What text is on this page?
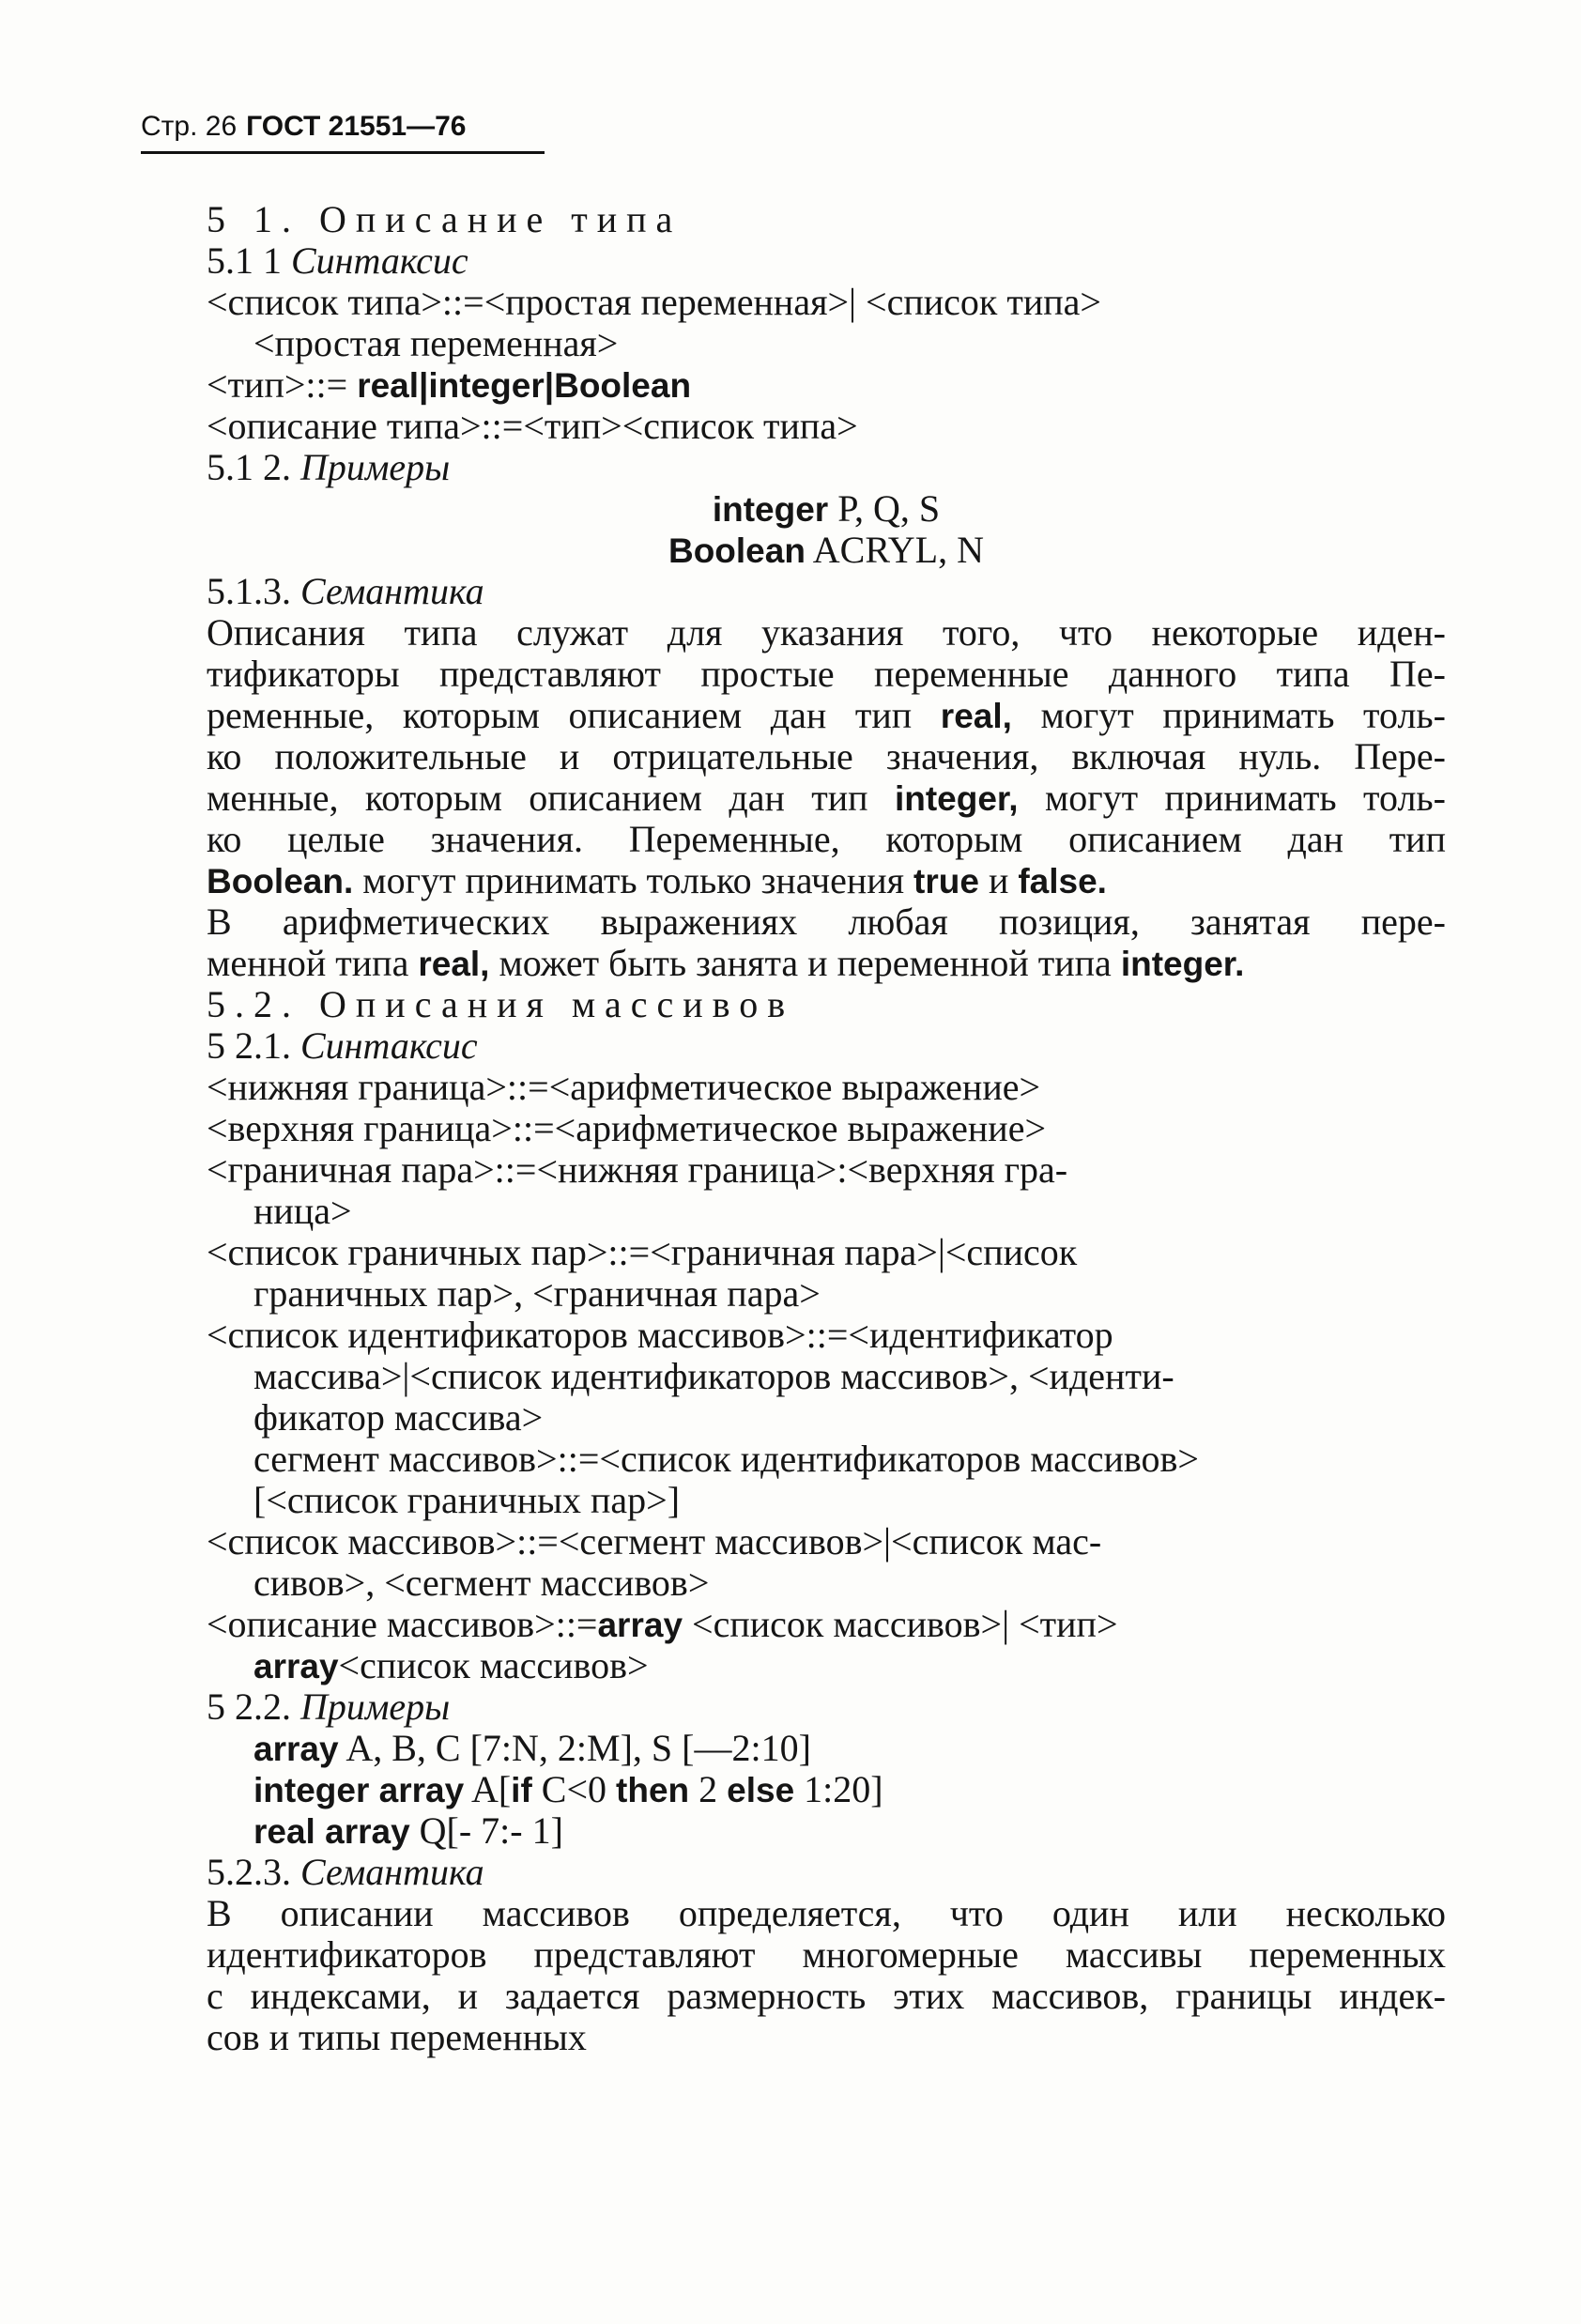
Стр. 26 ГОСТ 21551—76
5 1. Описание типа
5.1 1 Синтаксис
<список типа>::=<простая переменная>| <список типа>
<простая переменная>
<тип>::= real|integer|Boolean
<описание типа>::=<тип><список типа>
5.1 2. Примеры
integer P, Q, S
Boolean ACRYL, N
5.1.3. Семантика
Описания типа служат для указания того, что некоторые иден-
тификаторы представляют простые переменные данного типа Пе-
ременные, которым описанием дан тип real, могут принимать толь-
ко положительные и отрицательные значения, включая нуль. Пере-
менные, которым описанием дан тип integer, могут принимать толь-
ко целые значения. Переменные, которым описанием дан тип
Boolean. могут принимать только значения true и false.
В арифметических выражениях любая позиция, занятая пере-
менной типа real, может быть занята и переменной типа integer.
5.2. Описания массивов
5 2.1. Синтаксис
<нижняя граница>::=<арифметическое выражение>
<верхняя граница>::=<арифметическое выражение>
<граничная пара>::=<нижняя граница>:<верхняя гра-
ница>
<список граничных пар>::=<граничная пара>|<список
граничных пар>, <граничная пара>
<список идентификаторов массивов>::=<идентификатор
массива>|<список идентификаторов массивов>, <иденти-
фикатор массива>
сегмент массивов>::=<список идентификаторов массивов>
[<список граничных пар>]
<список массивов>::=<сегмент массивов>|<список мас-
сивов>, <сегмент массивов>
<описание массивов>::=array <список массивов>| <тип>
array<список массивов>
5 2.2. Примеры
array A, B, C [7:N, 2:M], S [—2:10]
integer array A[if C<0 then 2 else 1:20]
real array Q[- 7:- 1]
5.2.3. Семантика
В описании массивов определяется, что один или несколько
идентификаторов представляют многомерные массивы переменных
с индексами, и задается размерность этих массивов, границы индек-
сов и типы переменных
